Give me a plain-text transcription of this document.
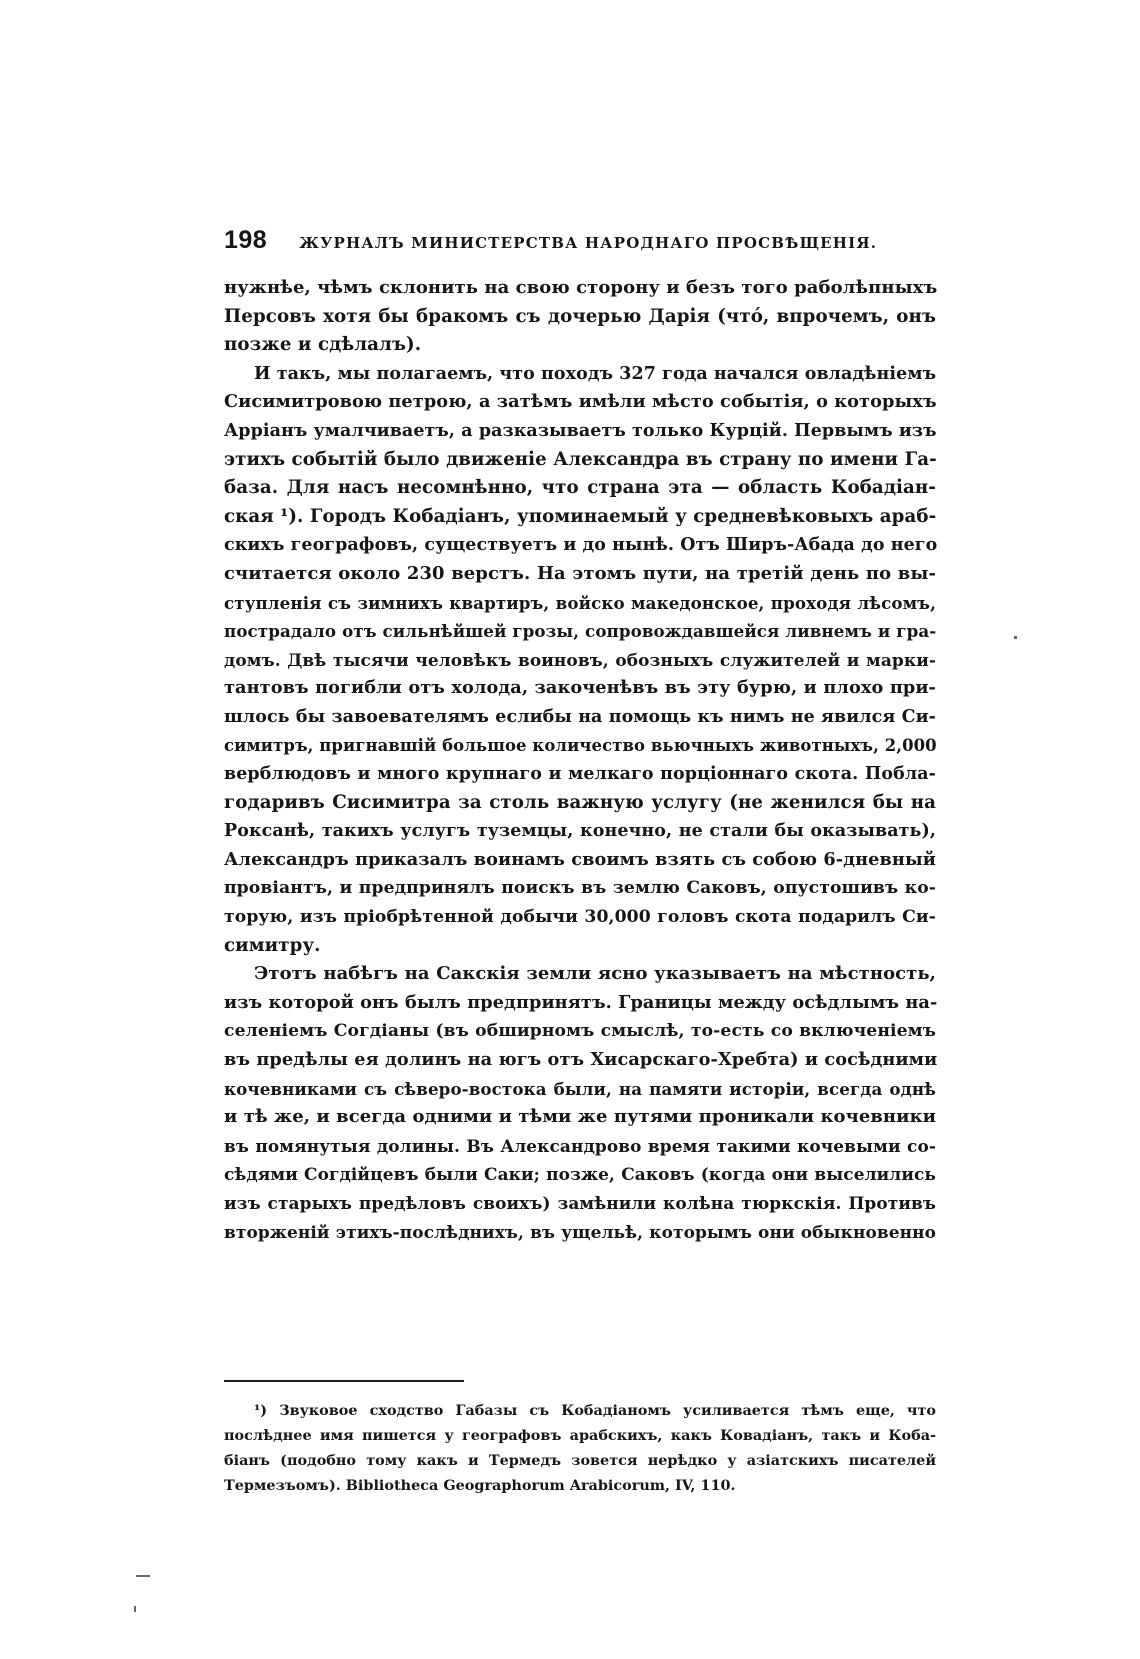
198 ЖУРНАЛЪ МИНИСТЕРСТВА НАРОДНАГО ПРОСВѢЩЕНІЯ.
нужнѣе, чѣмъ склонить на свою сторону и безъ того раболѣпныхъ
Персовъ хотя бы бракомъ съ дочерью Дарія (что́, впрочемъ, онъ
позже и сдѣлалъ).
И такъ, мы полагаемъ, что походъ 327 года начался овладѣніемъ
Сисимитровою петрою, а затѣмъ имѣли мѣсто событія, о которыхъ
Арріанъ умалчиваетъ, а разказываетъ только Курцій. Первымъ изъ
этихъ событій было движеніе Александра въ страну по имени Га-
база. Для насъ несомнѣнно, что страна эта — область Кобадіан-
ская ¹). Городъ Кобадіанъ, упоминаемый у средневѣковыхъ араб-
скихъ географовъ, существуетъ и до нынѣ. Отъ Ширъ-Абада до него
считается около 230 верстъ. На этомъ пути, на третій день по вы-
ступленія съ зимнихъ квартиръ, войско македонское, проходя лѣсомъ,
пострадало отъ сильнѣйшей грозы, сопровождавшейся ливнемъ и гра-
домъ. Двѣ тысячи человѣкъ воиновъ, обозныхъ служителей и марки-
тантовъ погибли отъ холода, закоченѣвъ въ эту бурю, и плохо при-
шлось бы завоевателямъ еслибы на помощь къ нимъ не явился Си-
симитръ, пригнавшій большое количество вьючныхъ животныхъ, 2,000
верблюдовъ и много крупнаго и мелкаго порціоннаго скота. Побла-
годаривъ Сисимитра за столь важную услугу (не женился бы на
Роксанѣ, такихъ услугъ туземцы, конечно, не стали бы оказывать),
Александръ приказалъ воинамъ своимъ взять съ собою 6-дневный
провіантъ, и предпринялъ поискъ въ землю Саковъ, опустошивъ ко-
торую, изъ пріобрѣтенной добычи 30,000 головъ скота подарилъ Си-
симитру.
Этотъ набѣгъ на Сакскія земли ясно указываетъ на мѣстность,
изъ которой онъ былъ предпринятъ. Границы между осѣдлымъ на-
селеніемъ Согдіаны (въ обширномъ смыслѣ, то-есть со включеніемъ
въ предѣлы ея долинъ на югъ отъ Хисарскаго-Хребта) и сосѣдними
кочевниками съ сѣверо-востока были, на памяти исторіи, всегда однѣ
и тѣ же, и всегда одними и тѣми же путями проникали кочевники
въ помянутыя долины. Въ Александрово время такими кочевыми со-
сѣдями Согдійцевъ были Саки; позже, Саковъ (когда они выселились
изъ старыхъ предѣловъ своихъ) замѣнили колѣна тюркскія. Противъ
вторженій этихъ-послѣднихъ, въ ущельѣ, которымъ они обыкновенно
¹) Звуковое сходство Габазы съ Кобадіаномъ усиливается тѣмъ еще, что
послѣднее имя пишется у географовъ арабскихъ, какъ Ковадіанъ, такъ и Коба-
біанъ (подобно тому какъ и Термедъ зовется нерѣдко у азіатскихъ писателей
Термезъомъ). Bibliotheca Geographorum Arabicorum, IV, 110.
